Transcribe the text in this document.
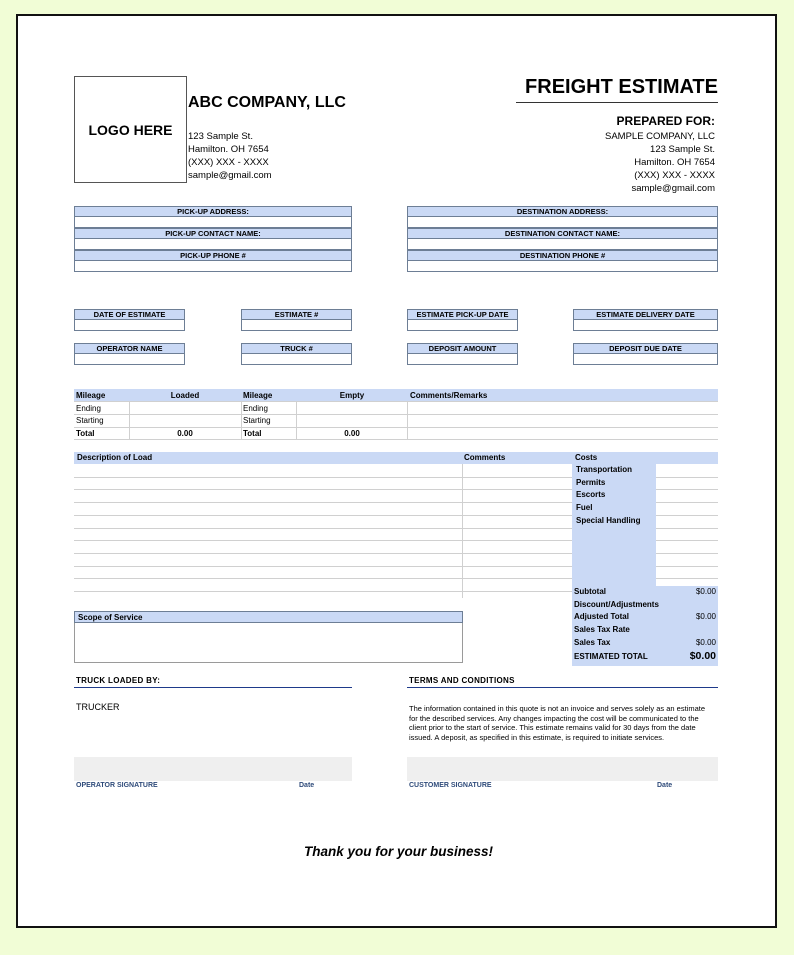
LOGO HERE
ABC COMPANY, LLC
123 Sample St.
Hamilton. OH 7654
(XXX) XXX - XXXX
sample@gmail.com
FREIGHT ESTIMATE
PREPARED FOR:
SAMPLE COMPANY, LLC
123 Sample St.
Hamilton. OH 7654
(XXX) XXX - XXXX
sample@gmail.com
PICK-UP ADDRESS:
PICK-UP CONTACT NAME:
PICK-UP PHONE #
DESTINATION ADDRESS:
DESTINATION CONTACT NAME:
DESTINATION PHONE #
DATE OF ESTIMATE	ESTIMATE #	ESTIMATE PICK-UP DATE	ESTIMATE DELIVERY DATE
OPERATOR NAME	TRUCK #	DEPOSIT AMOUNT	DEPOSIT DUE DATE
Mileage	Loaded	Mileage	Empty	Comments/Remarks
Ending		Ending		
Starting		Starting		
Total	0.00	Total	0.00	
Description of Load	Comments	Costs
Transportation
Permits
Escorts
Fuel
Special Handling
Subtotal	$0.00
Discount/Adjustments
Adjusted Total	$0.00
Sales Tax Rate
Sales Tax	$0.00
ESTIMATED TOTAL	$0.00
Scope of Service
TRUCK LOADED BY:
TRUCKER
OPERATOR SIGNATURE	Date
TERMS AND CONDITIONS
The information contained in this quote is not an invoice and serves solely as an estimate for the described services. Any changes impacting the cost will be communicated to the client prior to the start of service. This estimate remains valid for 30 days from the date issued. A deposit, as specified in this estimate, is required to initiate services.
CUSTOMER SIGNATURE	Date
Thank you for your business!
